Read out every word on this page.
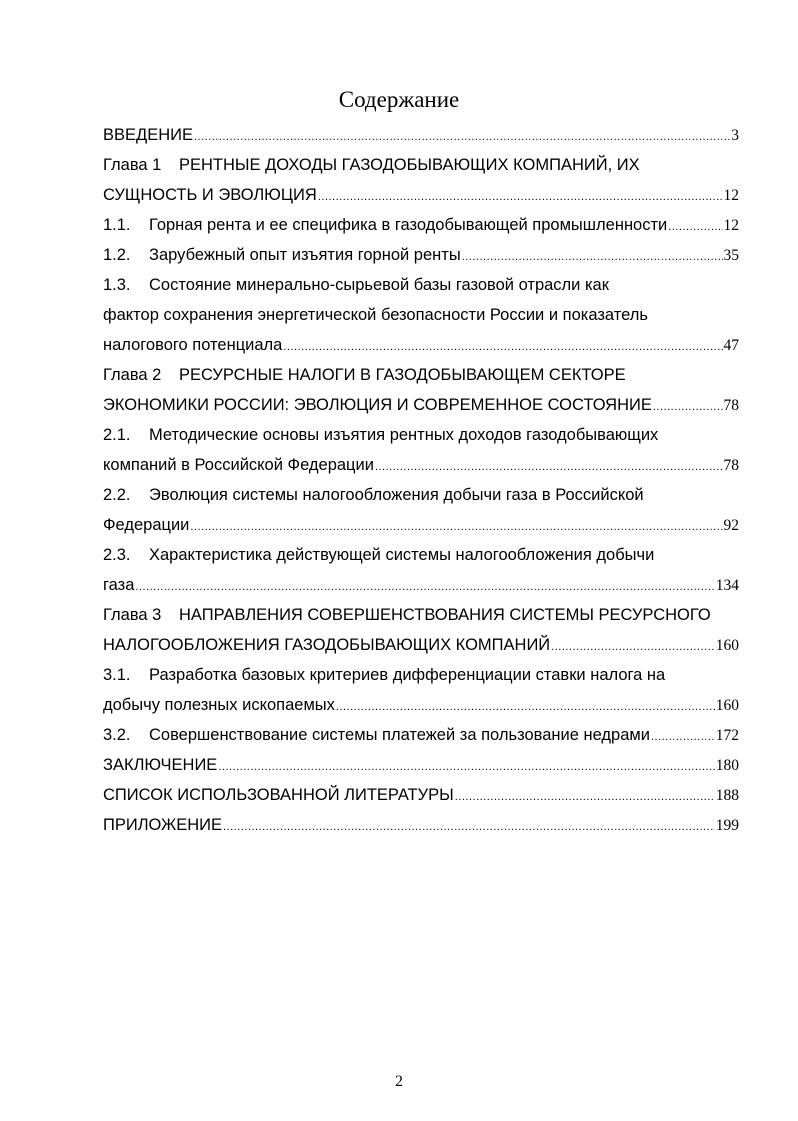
Содержание
ВВЕДЕНИЕ .....	3
Глава 1 РЕНТНЫЕ ДОХОДЫ ГАЗОДОБЫВАЮЩИХ КОМПАНИЙ, ИХ
СУЩНОСТЬ И ЭВОЛЮЦИЯ .....	12
1.1. Горная рента и ее специфика в газодобывающей промышленности .....	12
1.2. Зарубежный опыт изъятия горной ренты .....	35
1.3. Состояние минерально-сырьевой базы газовой отрасли как
фактор сохранения энергетической безопасности России и показатель
налогового потенциала .....	47
Глава 2 РЕСУРСНЫЕ НАЛОГИ В ГАЗОДОБЫВАЮЩЕМ СЕКТОРЕ
ЭКОНОМИКИ РОССИИ: ЭВОЛЮЦИЯ И СОВРЕМЕННОЕ СОСТОЯНИЕ .....	78
2.1. Методические основы изъятия рентных доходов газодобывающих
компаний в Российской Федерации .....	78
2.2. Эволюция системы налогообложения добычи газа в Российской
Федерации .....	92
2.3. Характеристика действующей системы налогообложения добычи
газа .....	134
Глава 3 НАПРАВЛЕНИЯ СОВЕРШЕНСТВОВАНИЯ СИСТЕМЫ РЕСУРСНОГО
НАЛОГООБЛОЖЕНИЯ ГАЗОДОБЫВАЮЩИХ КОМПАНИЙ .....	160
3.1. Разработка базовых критериев дифференциации ставки налога на
добычу полезных ископаемых .....	160
3.2. Совершенствование системы платежей за пользование недрами .....	172
ЗАКЛЮЧЕНИЕ .....	180
СПИСОК ИСПОЛЬЗОВАННОЙ ЛИТЕРАТУРЫ .....	188
ПРИЛОЖЕНИЕ .....	199
2
